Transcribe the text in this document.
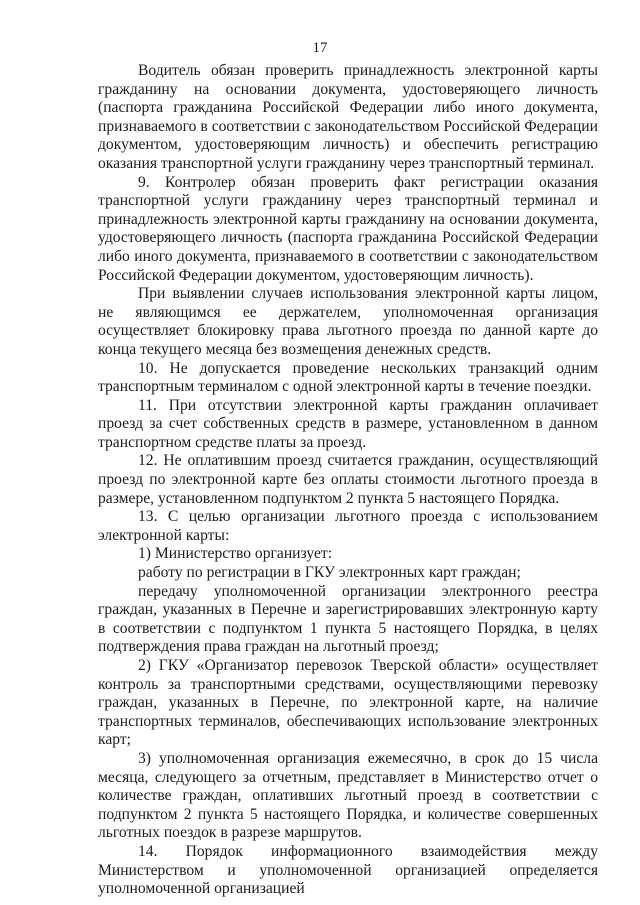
17

Водитель обязан проверить принадлежность электронной карты гражданину на основании документа, удостоверяющего личность (паспорта гражданина Российской Федерации либо иного документа, признаваемого в соответствии с законодательством Российской Федерации документом, удостоверяющим личность) и обеспечить регистрацию оказания транспортной услуги гражданину через транспортный терминал.

9. Контролер обязан проверить факт регистрации оказания транспортной услуги гражданину через транспортный терминал и принадлежность электронной карты гражданину на основании документа, удостоверяющего личность (паспорта гражданина Российской Федерации либо иного документа, признаваемого в соответствии с законодательством Российской Федерации документом, удостоверяющим личность).

При выявлении случаев использования электронной карты лицом, не являющимся ее держателем, уполномоченная организация осуществляет блокировку права льготного проезда по данной карте до конца текущего месяца без возмещения денежных средств.

10. Не допускается проведение нескольких транзакций одним транспортным терминалом с одной электронной карты в течение поездки.

11. При отсутствии электронной карты гражданин оплачивает проезд за счет собственных средств в размере, установленном в данном транспортном средстве платы за проезд.

12. Не оплатившим проезд считается гражданин, осуществляющий проезд по электронной карте без оплаты стоимости льготного проезда в размере, установленном подпунктом 2 пункта 5 настоящего Порядка.

13. С целью организации льготного проезда с использованием электронной карты:

1) Министерство организует:

работу по регистрации в ГКУ электронных карт граждан;

передачу уполномоченной организации электронного реестра граждан, указанных в Перечне и зарегистрировавших электронную карту в соответствии с подпунктом 1 пункта 5 настоящего Порядка, в целях подтверждения права граждан на льготный проезд;

2) ГКУ «Организатор перевозок Тверской области» осуществляет контроль за транспортными средствами, осуществляющими перевозку граждан, указанных в Перечне, по электронной карте, на наличие транспортных терминалов, обеспечивающих использование электронных карт;

3) уполномоченная организация ежемесячно, в срок до 15 числа месяца, следующего за отчетным, представляет в Министерство отчет о количестве граждан, оплативших льготный проезд в соответствии с подпунктом 2 пункта 5 настоящего Порядка, и количестве совершенных льготных поездок в разрезе маршрутов.

14. Порядок информационного взаимодействия между Министерством и уполномоченной организацией определяется уполномоченной организацией
